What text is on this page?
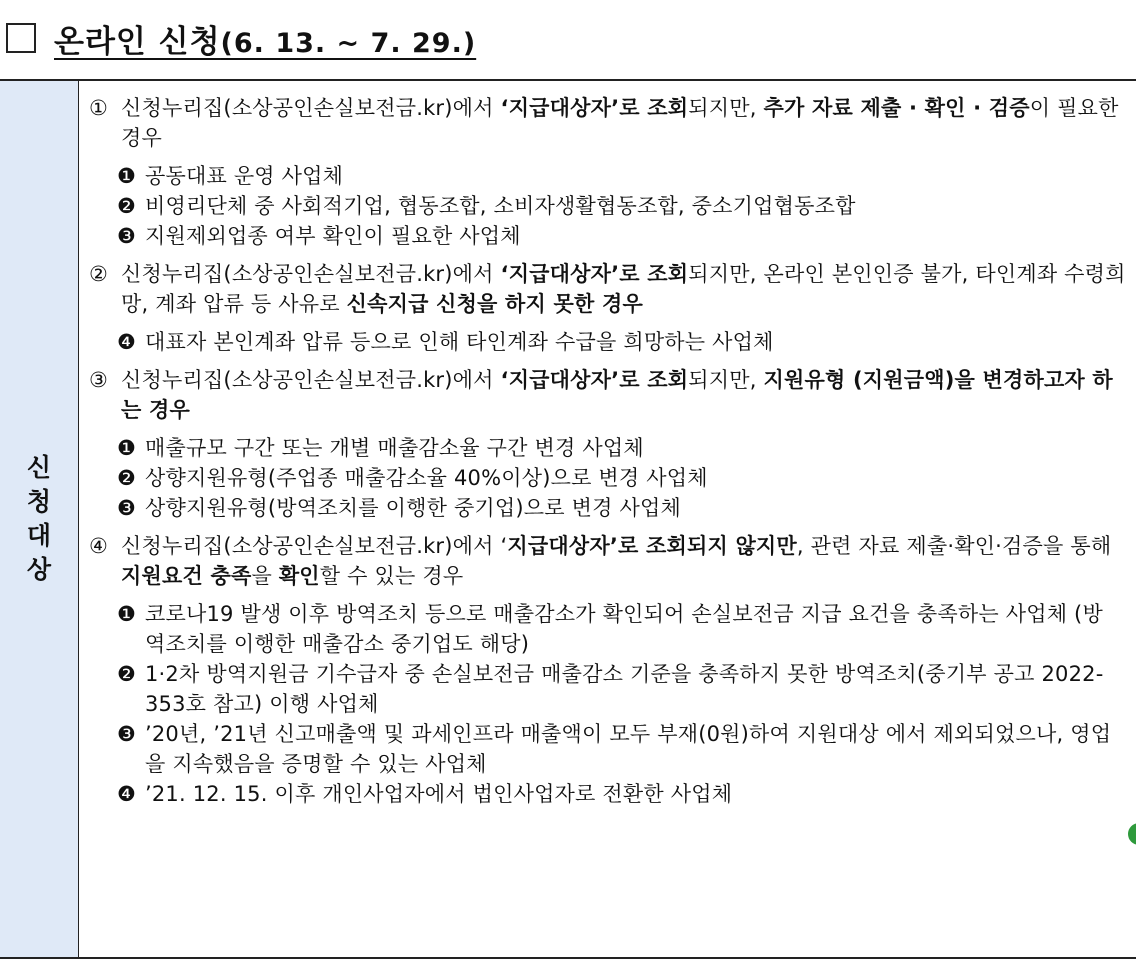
온라인 신청(6. 13. ~ 7. 29.)
신청대상
① 신청누리집(소상공인손실보전금.kr)에서 ‘지급대상자’로 조회되지만, 추가 자료 제출 · 확인 · 검증이 필요한 경우
❶ 공동대표 운영 사업체
❷ 비영리단체 중 사회적기업, 협동조합, 소비자생활협동조합, 중소기업협동조합
❸ 지원제외업종 여부 확인이 필요한 사업체
② 신청누리집(소상공인손실보전금.kr)에서 ‘지급대상자’로 조회되지만, 온라인 본인인증 불가, 타인계좌 수령희망, 계좌 압류 등 사유로 신속지급 신청을 하지 못한 경우
❹ 대표자 본인계좌 압류 등으로 인해 타인계좌 수급을 희망하는 사업체
③ 신청누리집(소상공인손실보전금.kr)에서 ‘지급대상자’로 조회되지만, 지원유형 (지원금액)을 변경하고자 하는 경우
❶ 매출규모 구간 또는 개별 매출감소율 구간 변경 사업체
❷ 상향지원유형(주업종 매출감소율 40%이상)으로 변경 사업체
❸ 상향지원유형(방역조치를 이행한 중기업)으로 변경 사업체
④ 신청누리집(소상공인손실보전금.kr)에서 ‘지급대상자’로 조회되지 않지만, 관련 자료 제출·확인·검증을 통해 지원요건 충족을 확인할 수 있는 경우
❶ 코로나19 발생 이후 방역조치 등으로 매출감소가 확인되어 손실보전금 지급 요건을 충족하는 사업체 (방역조치를 이행한 매출감소 중기업도 해당)
❷ 1·2차 방역지원금 기수급자 중 손실보전금 매출감소 기준을 충족하지 못한 방역조치(중기부 공고 2022-353호 참고) 이행 사업체
❸ ’20년, ’21년 신고매출액 및 과세인프라 매출액이 모두 부재(0원)하여 지원대상 에서 제외되었으나, 영업을 지속했음을 증명할 수 있는 사업체
❹ ’21. 12. 15. 이후 개인사업자에서 법인사업자로 전환한 사업체
